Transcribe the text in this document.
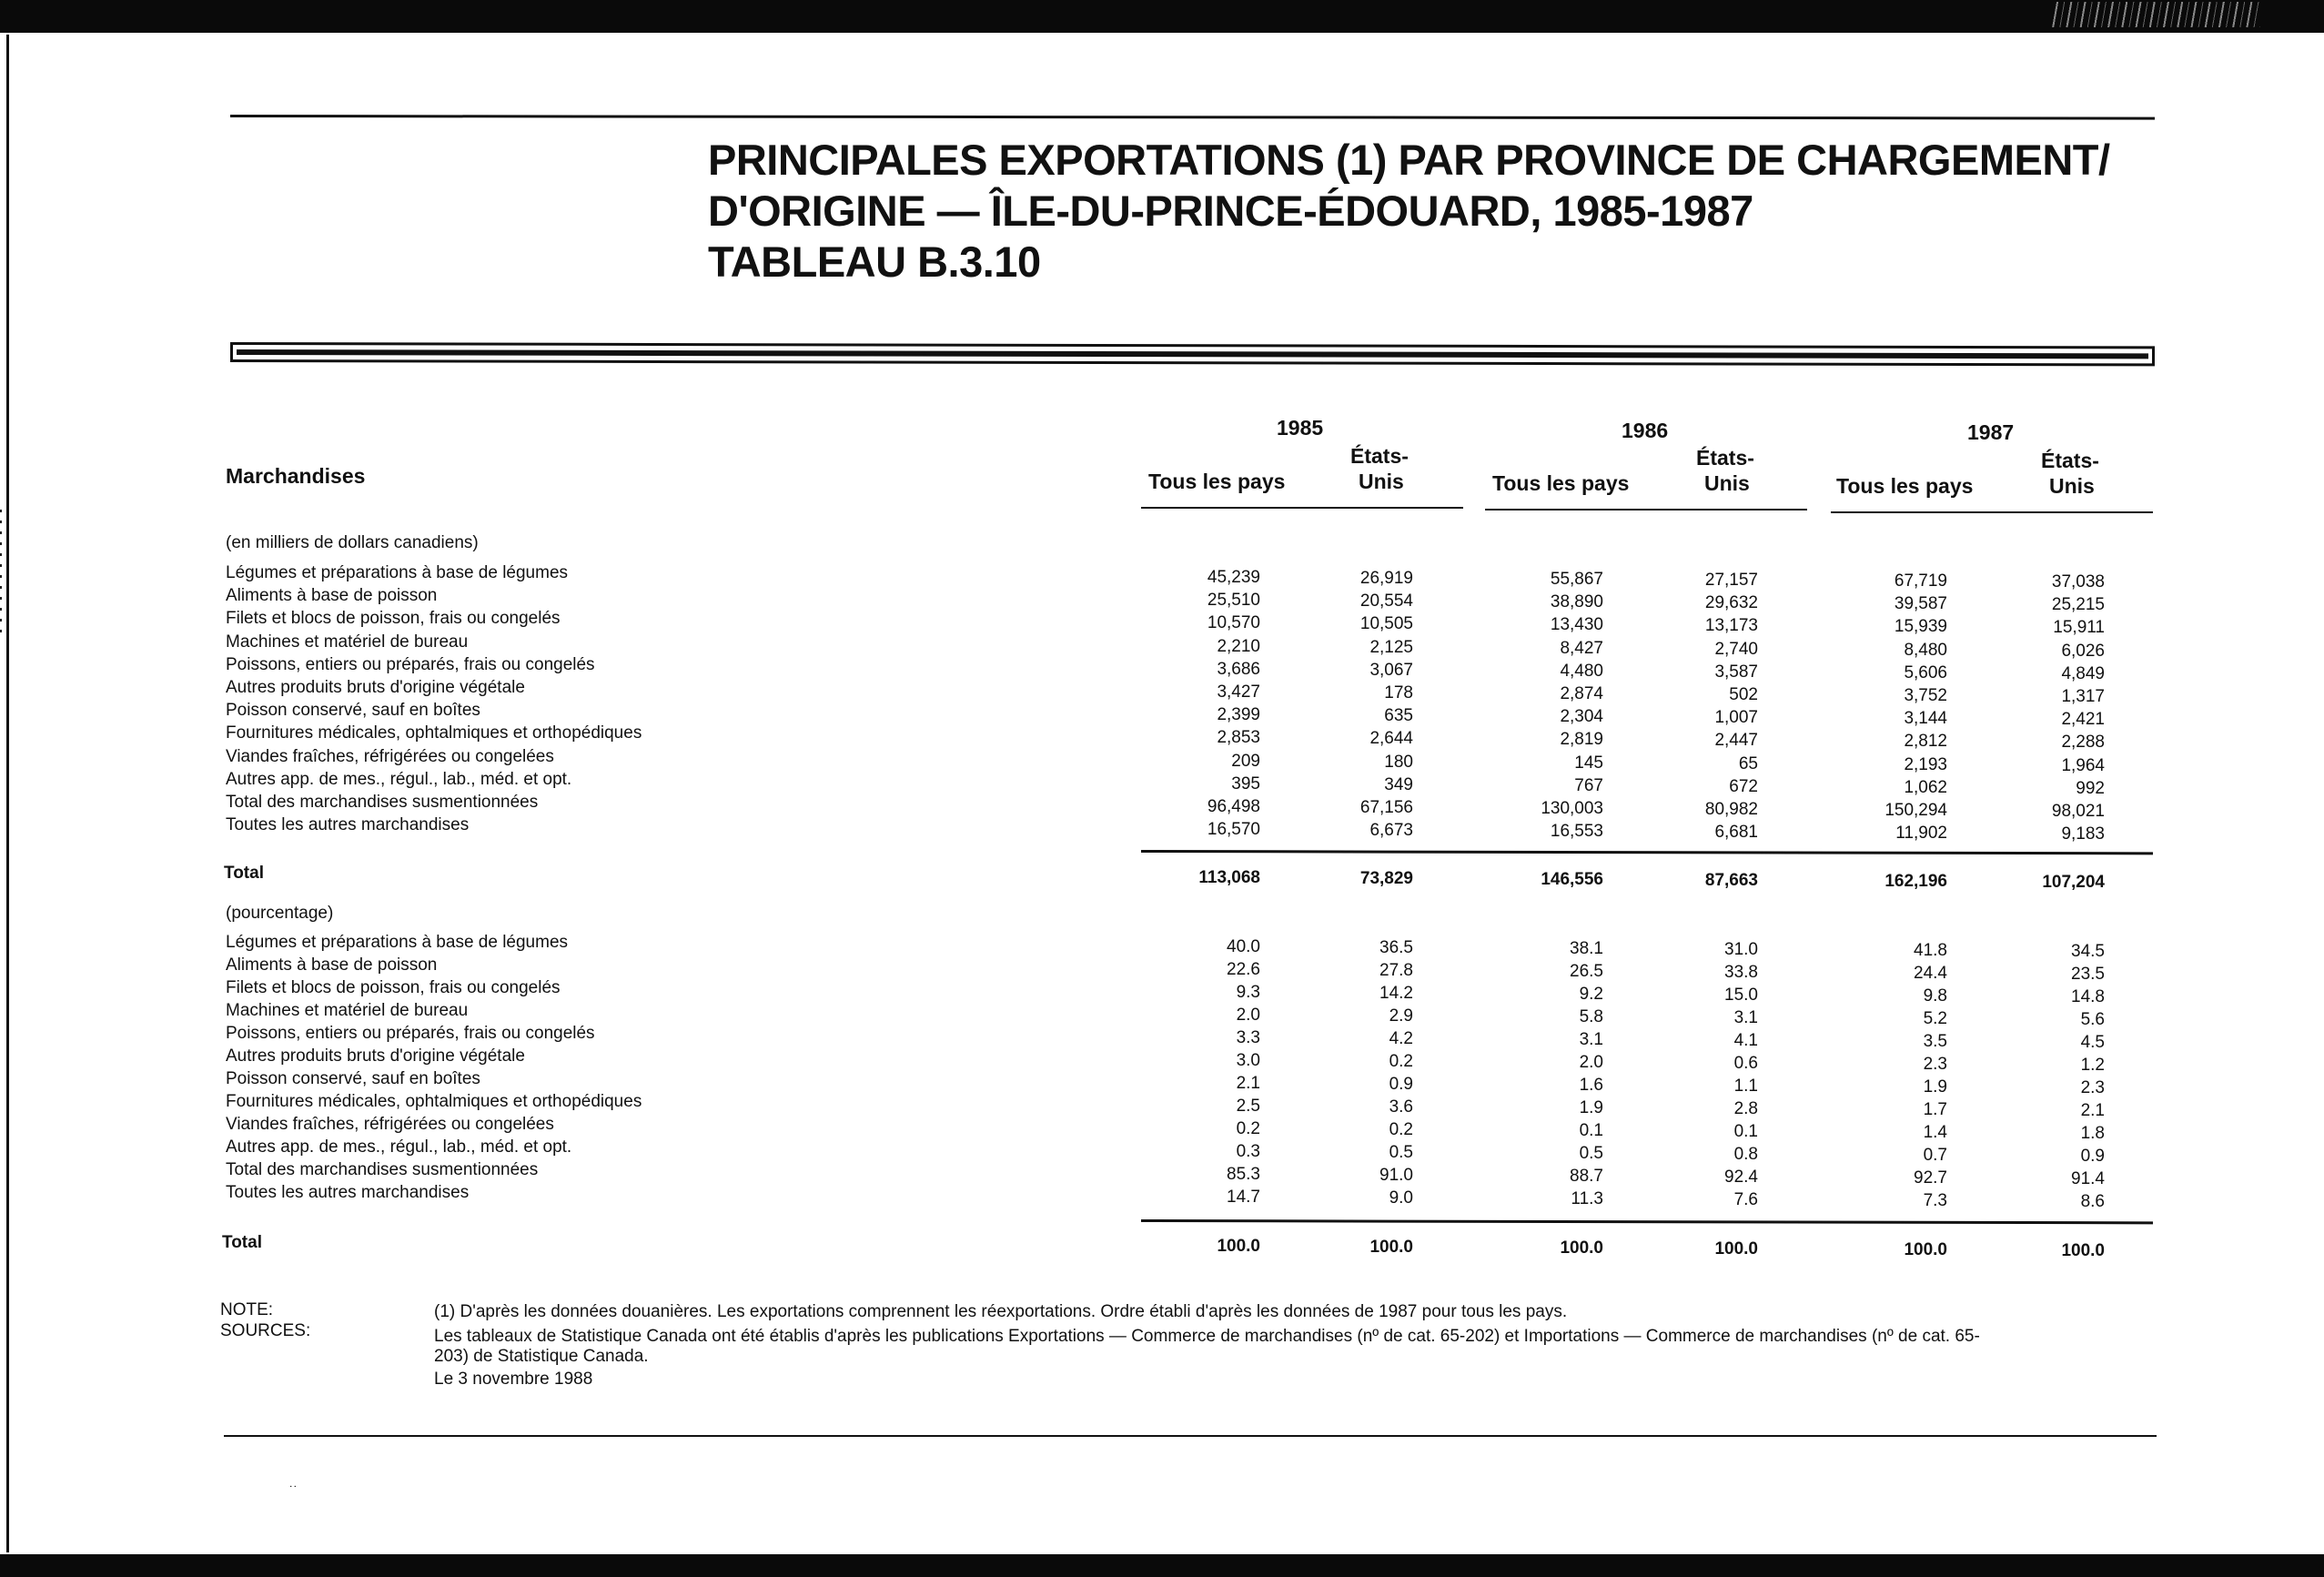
PRINCIPALES EXPORTATIONS (1) PAR PROVINCE DE CHARGEMENT/
D'ORIGINE — ÎLE-DU-PRINCE-ÉDOUARD, 1985-1987
TABLEAU B.3.10
Marchandises
1985	1986	1987
Tous les pays
États-
Unis	Tous les pays
États-
Unis	Tous les pays
États-
Unis
(en milliers de dollars canadiens)
Légumes et préparations à base de légumes	45,239	26,919	55,867	27,157	67,719	37,038
Aliments à base de poisson	25,510	20,554	38,890	29,632	39,587	25,215
Filets et blocs de poisson, frais ou congelés	10,570	10,505	13,430	13,173	15,939	15,911
Machines et matériel de bureau	2,210	2,125	8,427	2,740	8,480	6,026
Poissons, entiers ou préparés, frais ou congelés	3,686	3,067	4,480	3,587	5,606	4,849
Autres produits bruts d'origine végétale	3,427	178	2,874	502	3,752	1,317
Poisson conservé, sauf en boîtes	2,399	635	2,304	1,007	3,144	2,421
Fournitures médicales, ophtalmiques et orthopédiques	2,853	2,644	2,819	2,447	2,812	2,288
Viandes fraîches, réfrigérées ou congelées	209	180	145	65	2,193	1,964
Autres app. de mes., régul., lab., méd. et opt.	395	349	767	672	1,062	992
Total des marchandises susmentionnées	96,498	67,156	130,003	80,982	150,294	98,021
Toutes les autres marchandises	16,570	6,673	16,553	6,681	11,902	9,183
Total	113,068	73,829	146,556	87,663	162,196	107,204
(pourcentage)
Légumes et préparations à base de légumes	40.0	36.5	38.1	31.0	41.8	34.5
Aliments à base de poisson	22.6	27.8	26.5	33.8	24.4	23.5
Filets et blocs de poisson, frais ou congelés	9.3	14.2	9.2	15.0	9.8	14.8
Machines et matériel de bureau	2.0	2.9	5.8	3.1	5.2	5.6
Poissons, entiers ou préparés, frais ou congelés	3.3	4.2	3.1	4.1	3.5	4.5
Autres produits bruts d'origine végétale	3.0	0.2	2.0	0.6	2.3	1.2
Poisson conservé, sauf en boîtes	2.1	0.9	1.6	1.1	1.9	2.3
Fournitures médicales, ophtalmiques et orthopédiques	2.5	3.6	1.9	2.8	1.7	2.1
Viandes fraîches, réfrigérées ou congelées	0.2	0.2	0.1	0.1	1.4	1.8
Autres app. de mes., régul., lab., méd. et opt.	0.3	0.5	0.5	0.8	0.7	0.9
Total des marchandises susmentionnées	85.3	91.0	88.7	92.4	92.7	91.4
Toutes les autres marchandises	14.7	9.0	11.3	7.6	7.3	8.6
Total	100.0	100.0	100.0	100.0	100.0	100.0
NOTE:	(1) D'après les données douanières. Les exportations comprennent les réexportations. Ordre établi d'après les données de 1987 pour tous les pays.
SOURCES:	Les tableaux de Statistique Canada ont été établis d'après les publications Exportations — Commerce de marchandises (nº de cat. 65-202) et Importations — Commerce de marchandises (nº de cat. 65-
203) de Statistique Canada.
Le 3 novembre 1988
˙˙
